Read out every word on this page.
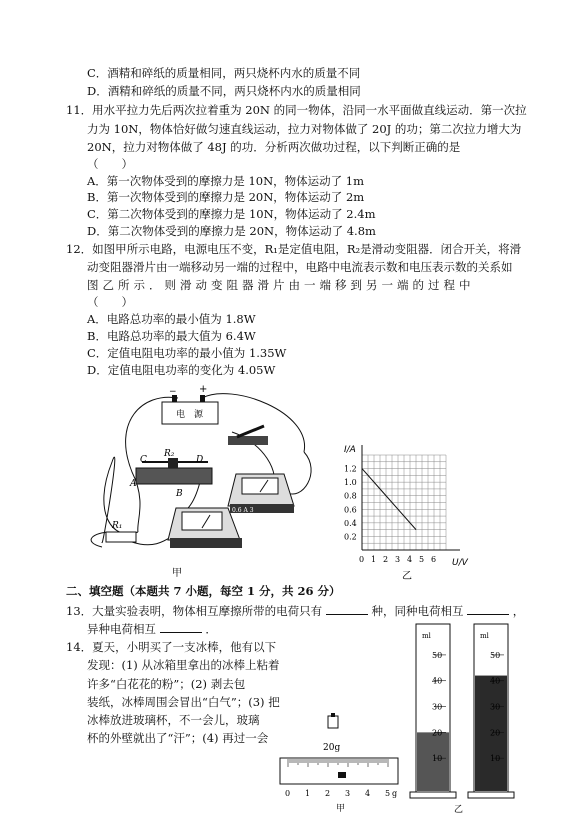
C．酒精和碎纸的质量相同，两只烧杯内水的质量不同
D．酒精和碎纸的质量不同，两只烧杯内水的质量相同
11．用水平拉力先后两次拉着重为 20N 的同一物体，沿同一水平面做直线运动．第一次拉
力为 10N，物体恰好做匀速直线运动，拉力对物体做了 20J 的功；第二次拉力增大为
20N，拉力对物体做了 48J 的功．分析两次做功过程，以下判断正确的是
（　　）
A．第一次物体受到的摩擦力是 10N，物体运动了 1m
B．第一次物体受到的摩擦力是 20N，物体运动了 2m
C．第二次物体受到的摩擦力是 10N，物体运动了 2.4m
D．第二次物体受到的摩擦力是 20N，物体运动了 4.8m
12．如图甲所示电路，电源电压不变，R₁是定值电阻，R₂是滑动变阻器．闭合开关，将滑
动变阻器滑片由一端移动另一端的过程中，电路中电流表示数和电压表示数的关系如
图乙所示．则滑动变阻器滑片由一端移到另一端的过程中
（　　）
A．电路总功率的最小值为 1.8W
B．电路总功率的最大值为 6.4W
C．定值电阻电功率的最小值为 1.35W
D．定值电阻电功率的变化为 4.05W
电　源
− +
R₂
C	D
A
B
R₁
0.6 A 3
甲
0 1 2 3 4 5 6
0.2
0.4
0.6
0.8
1.0
1.2
I/A
U/V
乙
二、填空题（本题共 7 小题，每空 1 分，共 26 分）
13．大量实验表明，物体相互摩擦所带的电荷只有	种，同种电荷相互	，
异种电荷相互	．
14．夏天，小明买了一支冰棒，他有以下
发现：(1) 从冰箱里拿出的冰棒上粘着
许多“白花花的粉”；(2) 剥去包
装纸，冰棒周围会冒出“白气”；(3) 把
冰棒放进玻璃杯，不一会儿，玻璃
杯的外壁就出了“汗”；(4) 再过一会
20g
0 1 2 3 4 5 g
甲
ml
50
40
30
20
10
ml
50
40
30
20
10
乙
